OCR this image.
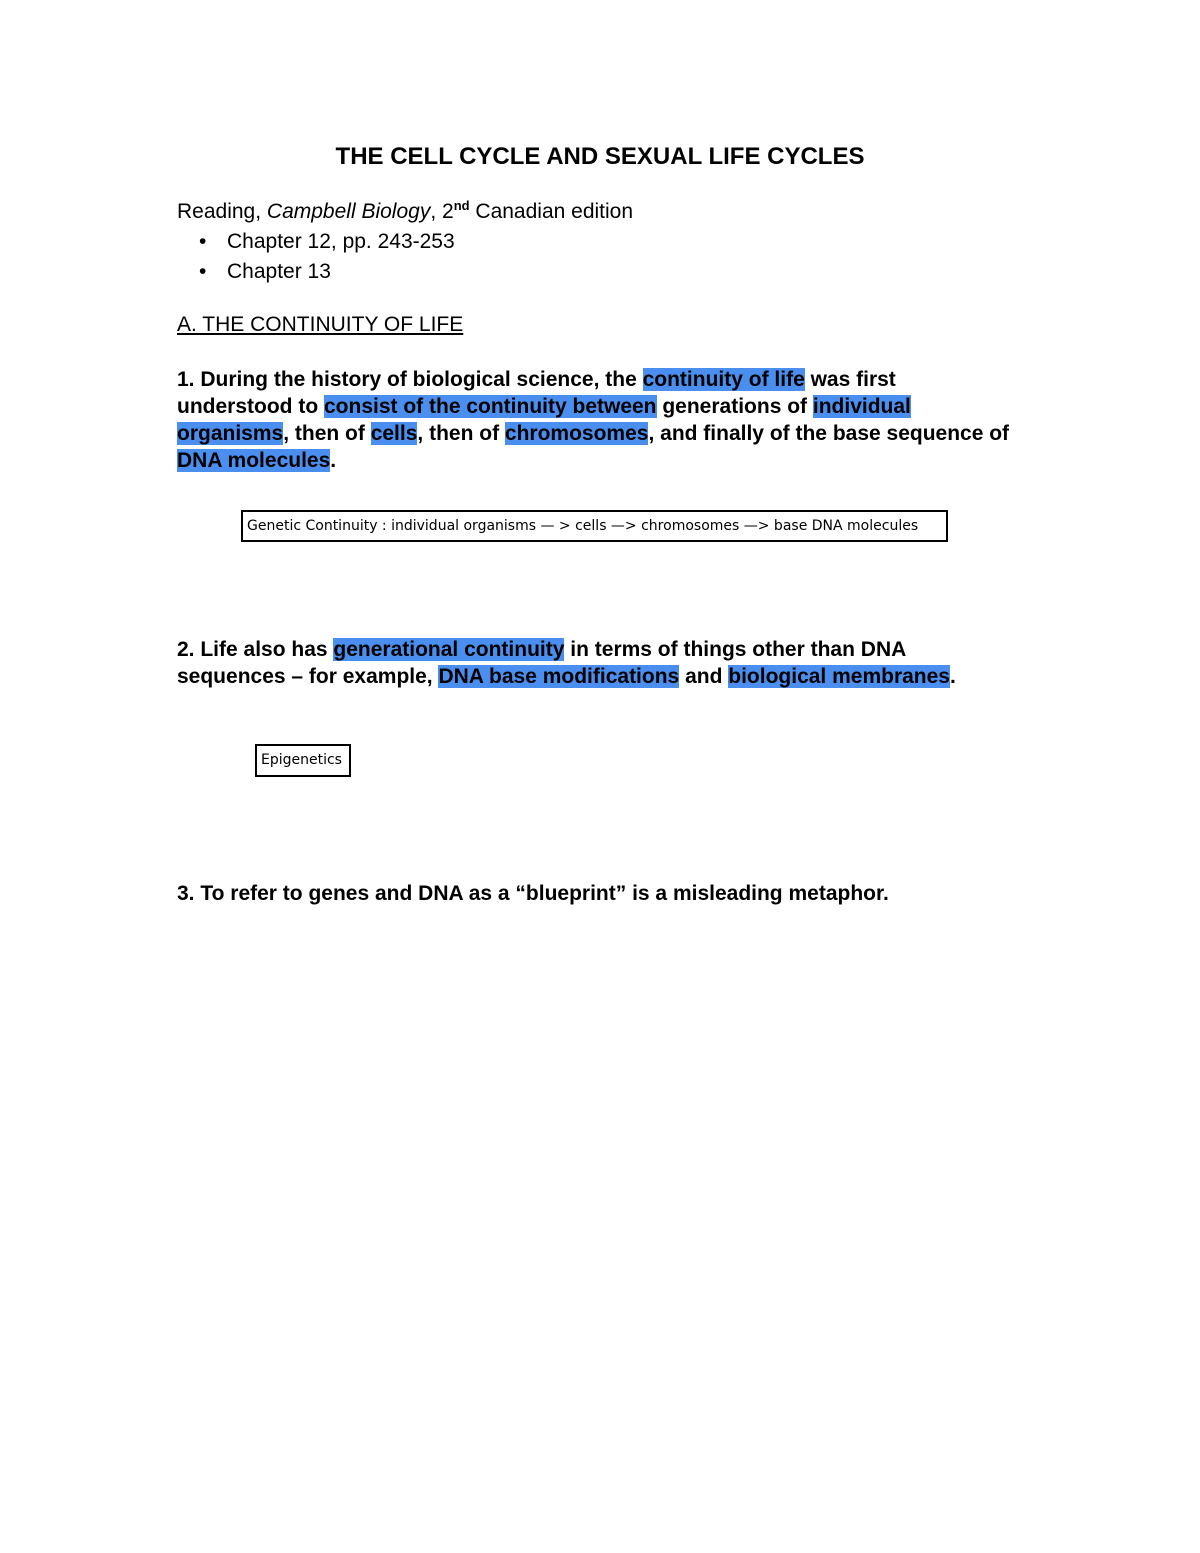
THE CELL CYCLE AND SEXUAL LIFE CYCLES
Reading, Campbell Biology, 2nd Canadian edition
• Chapter 12, pp. 243-253
• Chapter 13
A. THE CONTINUITY OF LIFE
1. During the history of biological science, the continuity of life was first understood to consist of the continuity between generations of individual organisms, then of cells, then of chromosomes, and finally of the base sequence of DNA molecules.
Genetic Continuity : individual organisms — > cells —> chromosomes —> base DNA molecules
2. Life also has generational continuity in terms of things other than DNA sequences – for example, DNA base modifications and biological membranes.
Epigenetics
3. To refer to genes and DNA as a “blueprint” is a misleading metaphor.
